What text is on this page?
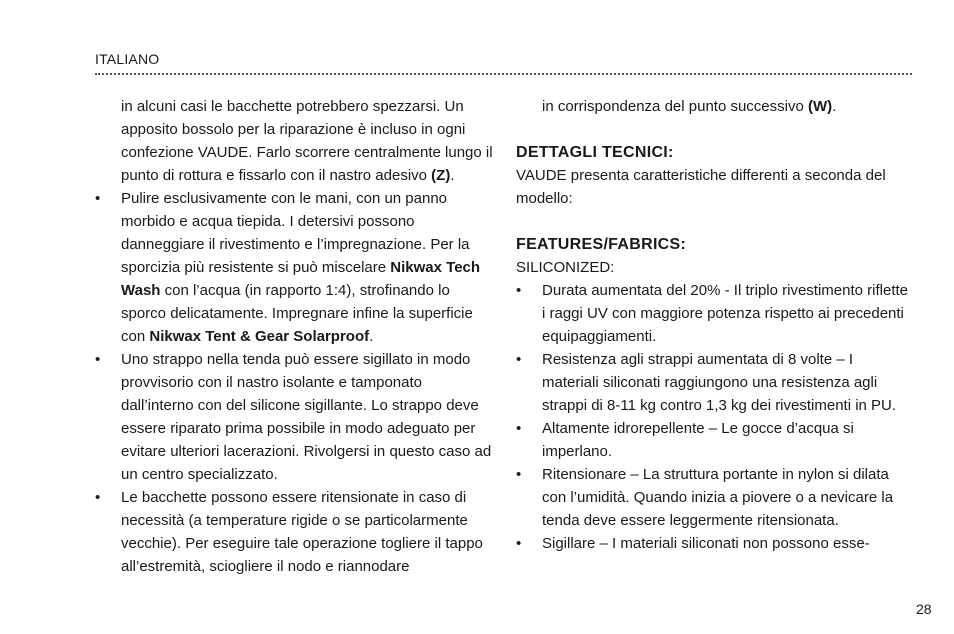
ITALIANO

in alcuni casi le bacchette potrebbero spezzarsi. Un apposito bossolo per la riparazione è incluso in ogni confezione VAUDE. Farlo scorrere centralmente lungo il punto di rottura e fissarlo con il nastro adesivo (Z).

• Pulire esclusivamente con le mani, con un panno morbido e acqua tiepida. I detersivi possono danneggiare il rivestimento e l’impregnazione. Per la sporcizia più resistente si può miscelare Nikwax Tech Wash con l’acqua (in rapporto 1:4), strofinando lo sporco delicatamente. Impregnare infine la superficie con Nikwax Tent & Gear Solarproof.
• Uno strappo nella tenda può essere sigillato in modo provvisorio con il nastro isolante e tamponato dall’interno con del silicone sigillante. Lo strappo deve essere riparato prima possibile in modo adeguato per evitare ulteriori lacerazioni. Rivolgersi in questo caso ad un centro specializzato.
• Le bacchette possono essere ritensionate in caso di necessità (a temperature rigide o se particolarmente vecchie). Per eseguire tale operazione togliere il tappo all’estremità, sciogliere il nodo e riannodare

in corrispondenza del punto successivo (W).

DETTAGLI TECNICI:

VAUDE presenta caratteristiche differenti a seconda del modello:

FEATURES/FABRICS:

SILICONIZED:

• Durata aumentata del 20% - Il triplo rivestimento riflette i raggi UV con maggiore potenza rispetto ai precedenti equipaggiamenti.
• Resistenza agli strappi aumentata di 8 volte – I materiali siliconati raggiungono una resistenza agli strappi di 8-11 kg contro 1,3 kg dei rivestimenti in PU.
• Altamente idrorepellente – Le gocce d’acqua si imperlano.
• Ritensionare – La struttura portante in nylon si dilata con l’umidità. Quando inizia a piovere o a nevicare la tenda deve essere leggermente ritensionata.
• Sigillare – I materiali siliconati non possono esse-
28
